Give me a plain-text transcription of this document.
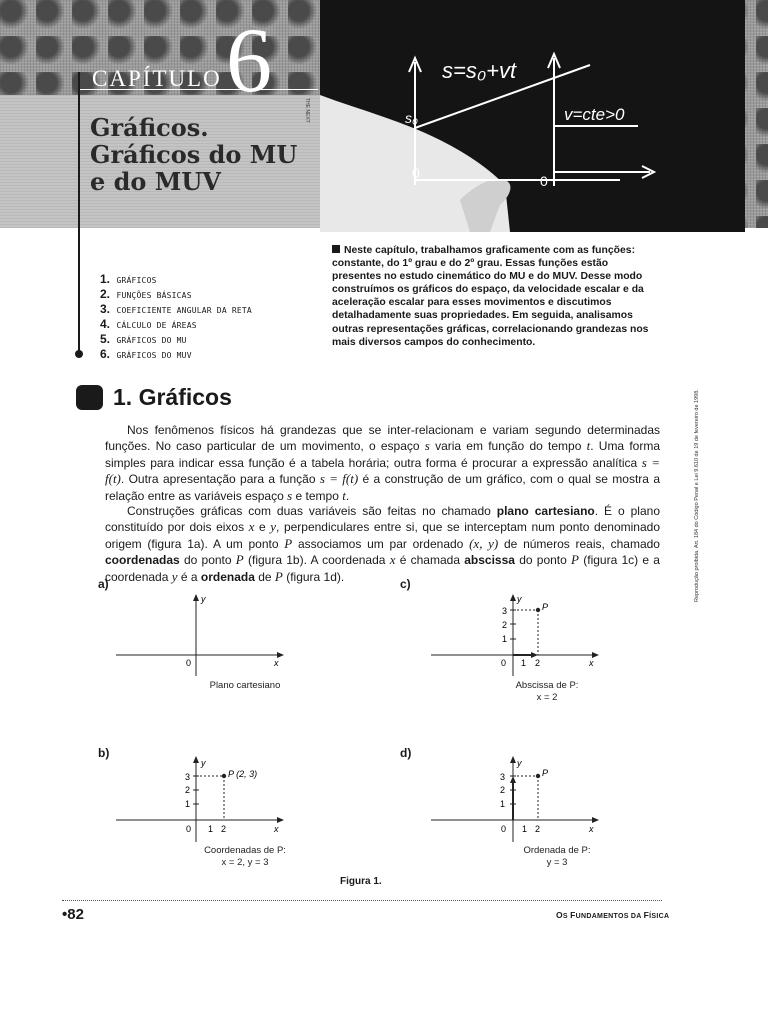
CAPÍTULO 6
Gráficos.
Gráficos do MU
e do MUV
s₀
0
s=s₀+vt
v=cte>0
0
THE NEXT
1. GRÁFICOS
2. FUNÇÕES BÁSICAS
3. COEFICIENTE ANGULAR DA RETA
4. CÁLCULO DE ÁREAS
5. GRÁFICOS DO MU
6. GRÁFICOS DO MUV

Neste capítulo, trabalhamos graficamente com as funções: constante, do 1º grau e do 2º grau. Essas funções estão presentes no estudo cinemático do MU e do MUV. Desse modo construímos os gráficos do espaço, da velocidade escalar e da aceleração escalar para esses movimentos e discutimos detalhadamente suas propriedades. Em seguida, analisamos outras representações gráficas, correlacionando grandezas nos mais diversos campos do conhecimento.

Reprodução proibida. Art. 184 do Código Penal e Lei 9.610 de 19 de fevereiro de 1998.
1. Gráficos

Nos fenômenos físicos há grandezas que se inter-relacionam e variam segundo determinadas funções. No caso particular de um movimento, o espaço s varia em função do tempo t. Uma forma simples para indicar essa função é a tabela horária; outra forma é procurar a expressão analítica s = f(t). Outra apresentação para a função s = f(t) é a construção de um gráfico, com o qual se mostra a relação entre as variáveis espaço s e tempo t.

Construções gráficas com duas variáveis são feitas no chamado plano cartesiano. É o plano constituído por dois eixos x e y, perpendiculares entre si, que se interceptam num ponto denominado origem (figura 1a). A um ponto P associamos um par ordenado (x, y) de números reais, chamado coordenadas do ponto P (figura 1b). A coordenada x é chamada abscissa do ponto P (figura 1c) e a coordenada y é a ordenada de P (figura 1d).

a)	c)
b)	d)
y
x
0
Plano cartesiano
y
x
0
1
2
3
1 2
P
Abscissa de P:
x = 2
y
x
0
1
2
3
1 2
P (2, 3)
Coordenadas de P:
x = 2, y = 3
y
x
0
1
2
3
1 2
P
Ordenada de P:
y = 3
Figura 1.
•82	OS FUNDAMENTOS DA FÍSICA
